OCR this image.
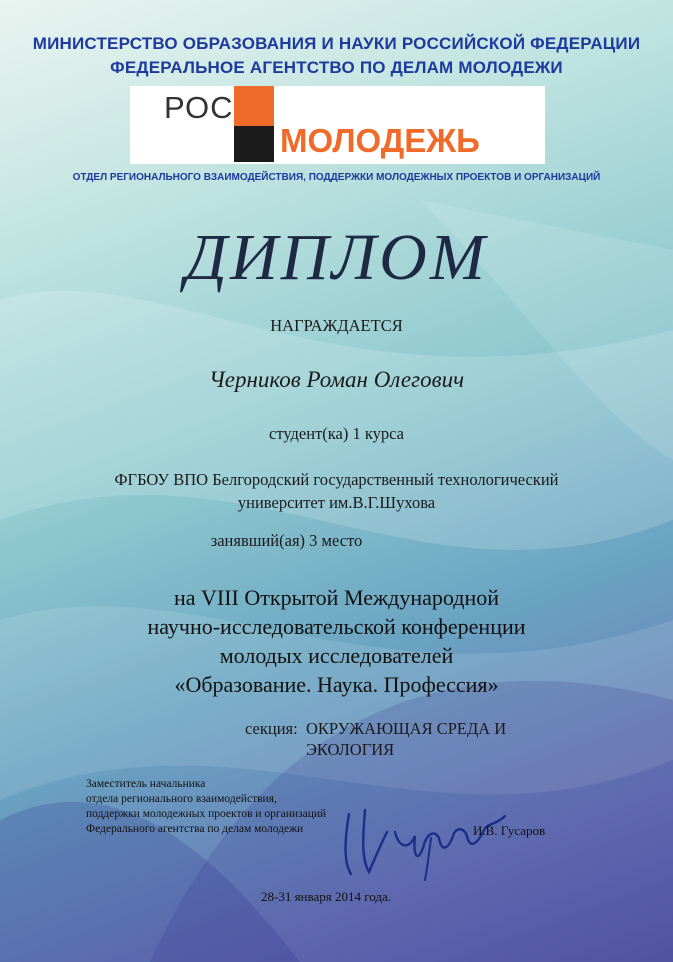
МИНИСТЕРСТВО ОБРАЗОВАНИЯ И НАУКИ РОССИЙСКОЙ ФЕДЕРАЦИИ
ФЕДЕРАЛЬНОЕ АГЕНТСТВО ПО ДЕЛАМ МОЛОДЕЖИ
РОС
МОЛОДЕЖЬ
ОТДЕЛ РЕГИОНАЛЬНОГО ВЗАИМОДЕЙСТВИЯ, ПОДДЕРЖКИ МОЛОДЕЖНЫХ ПРОЕКТОВ И ОРГАНИЗАЦИЙ
ДИПЛОМ
НАГРАЖДАЕТСЯ
Черников Роман Олегович
студент(ка) 1 курса
ФГБОУ ВПО Белгородский государственный технологический
университет им.В.Г.Шухова
занявший(ая) 3 место
на VIII Открытой Международной
научно-исследовательской конференции
молодых исследователей
«Образование. Наука. Профессия»
секция: ОКРУЖАЮЩАЯ СРЕДА И
ЭКОЛОГИЯ
Заместитель начальника
отдела регионального взаимодействия,
поддержки молодежных проектов и организаций
Федерального агентства по делам молодежи	И.В. Гусаров
28-31 января 2014 года.
